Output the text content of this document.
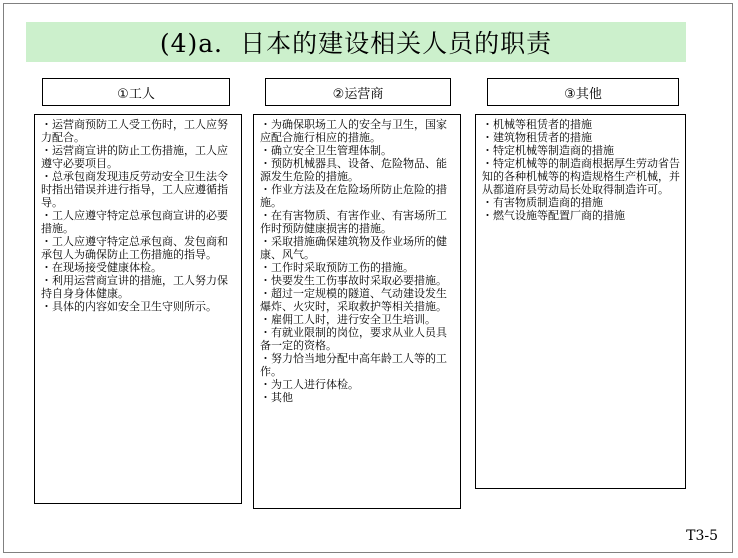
(4)a．日本的建设相关人员的职责
①工人	②运营商	③其他
・ 运营商预防工人受工伤时，工人应努力配合。
・ 运营商宣讲的防止工伤措施，工人应遵守必要项目。
・ 总承包商发现违反劳动安全卫生法令时指出错误并进行指导，工人应遵循指导。
・ 工人应遵守特定总承包商宣讲的必要措施。
・ 工人应遵守特定总承包商、发包商和承包人为确保防止工伤措施的指导。
・ 在现场接受健康体检。
・ 利用运营商宣讲的措施，工人努力保持自身身体健康。
・ 具体的内容如安全卫生守则所示。
・ 为确保职场工人的安全与卫生，国家应配合施行相应的措施。
・ 确立安全卫生管理体制。
・ 预防机械器具、设备、危险物品、能源发生危险的措施。
・ 作业方法及在危险场所防止危险的措施。
・ 在有害物质、有害作业、有害场所工作时预防健康损害的措施。
・ 采取措施确保建筑物及作业场所的健康、风气。
・ 工作时采取预防工伤的措施。
・ 快要发生工伤事故时采取必要措施。
・ 超过一定规模的隧道、气动建设发生爆炸、火灾时，采取救护等相关措施。
・ 雇佣工人时，进行安全卫生培训。
・ 有就业限制的岗位，要求从业人员具备一定的资格。
・ 努力恰当地分配中高年龄工人等的工作。
・ 为工人进行体检。
・ 其他
・ 机械等租赁者的措施
・ 建筑物租赁者的措施
・ 特定机械等制造商的措施
・ 特定机械等的制造商根据厚生劳动省告知的各种机械等的构造规格生产机械，并从都道府县劳动局长处取得制造许可。
・ 有害物质制造商的措施
・ 燃气设施等配置厂商的措施
T3-5
